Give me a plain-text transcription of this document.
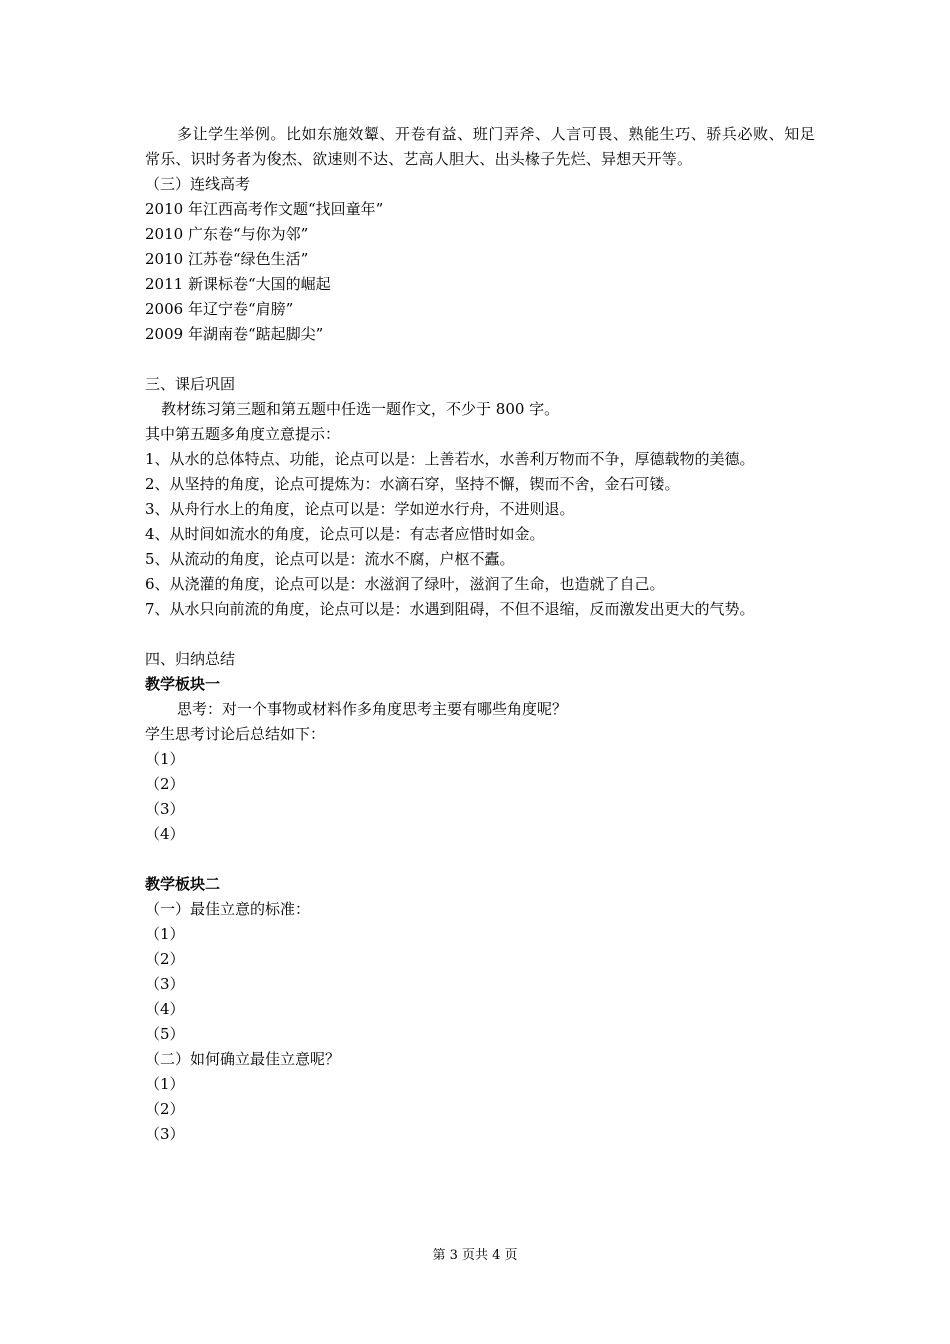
多让学生举例。比如东施效颦、开卷有益、班门弄斧、人言可畏、熟能生巧、骄兵必败、知足常乐、识时务者为俊杰、欲速则不达、艺高人胆大、出头椽子先烂、异想天开等。
（三）连线高考
2010 年江西高考作文题“找回童年”
2010 广东卷“与你为邻”
2010 江苏卷“绿色生活”
2011 新课标卷“大国的崛起
2006 年辽宁卷“肩膀”
2009 年湖南卷“踮起脚尖”
三、课后巩固
教材练习第三题和第五题中任选一题作文，不少于 800 字。
其中第五题多角度立意提示：
1、从水的总体特点、功能，论点可以是：上善若水，水善利万物而不争，厚德载物的美德。
2、从坚持的角度，论点可提炼为：水滴石穿，坚持不懈，锲而不舍，金石可镂。
3、从舟行水上的角度，论点可以是：学如逆水行舟，不进则退。
4、从时间如流水的角度，论点可以是：有志者应惜时如金。
5、从流动的角度，论点可以是：流水不腐，户枢不蠹。
6、从浇灌的角度，论点可以是：水滋润了绿叶，滋润了生命，也造就了自己。
7、从水只向前流的角度，论点可以是：水遇到阻碍，不但不退缩，反而激发出更大的气势。
四、归纳总结
教学板块一
思考：对一个事物或材料作多角度思考主要有哪些角度呢？
学生思考讨论后总结如下：
（1）
（2）
（3）
（4）
教学板块二
（一）最佳立意的标准：
（1）
（2）
（3）
（4）
（5）
（二）如何确立最佳立意呢？
（1）
（2）
（3）
第 3 页共 4 页
